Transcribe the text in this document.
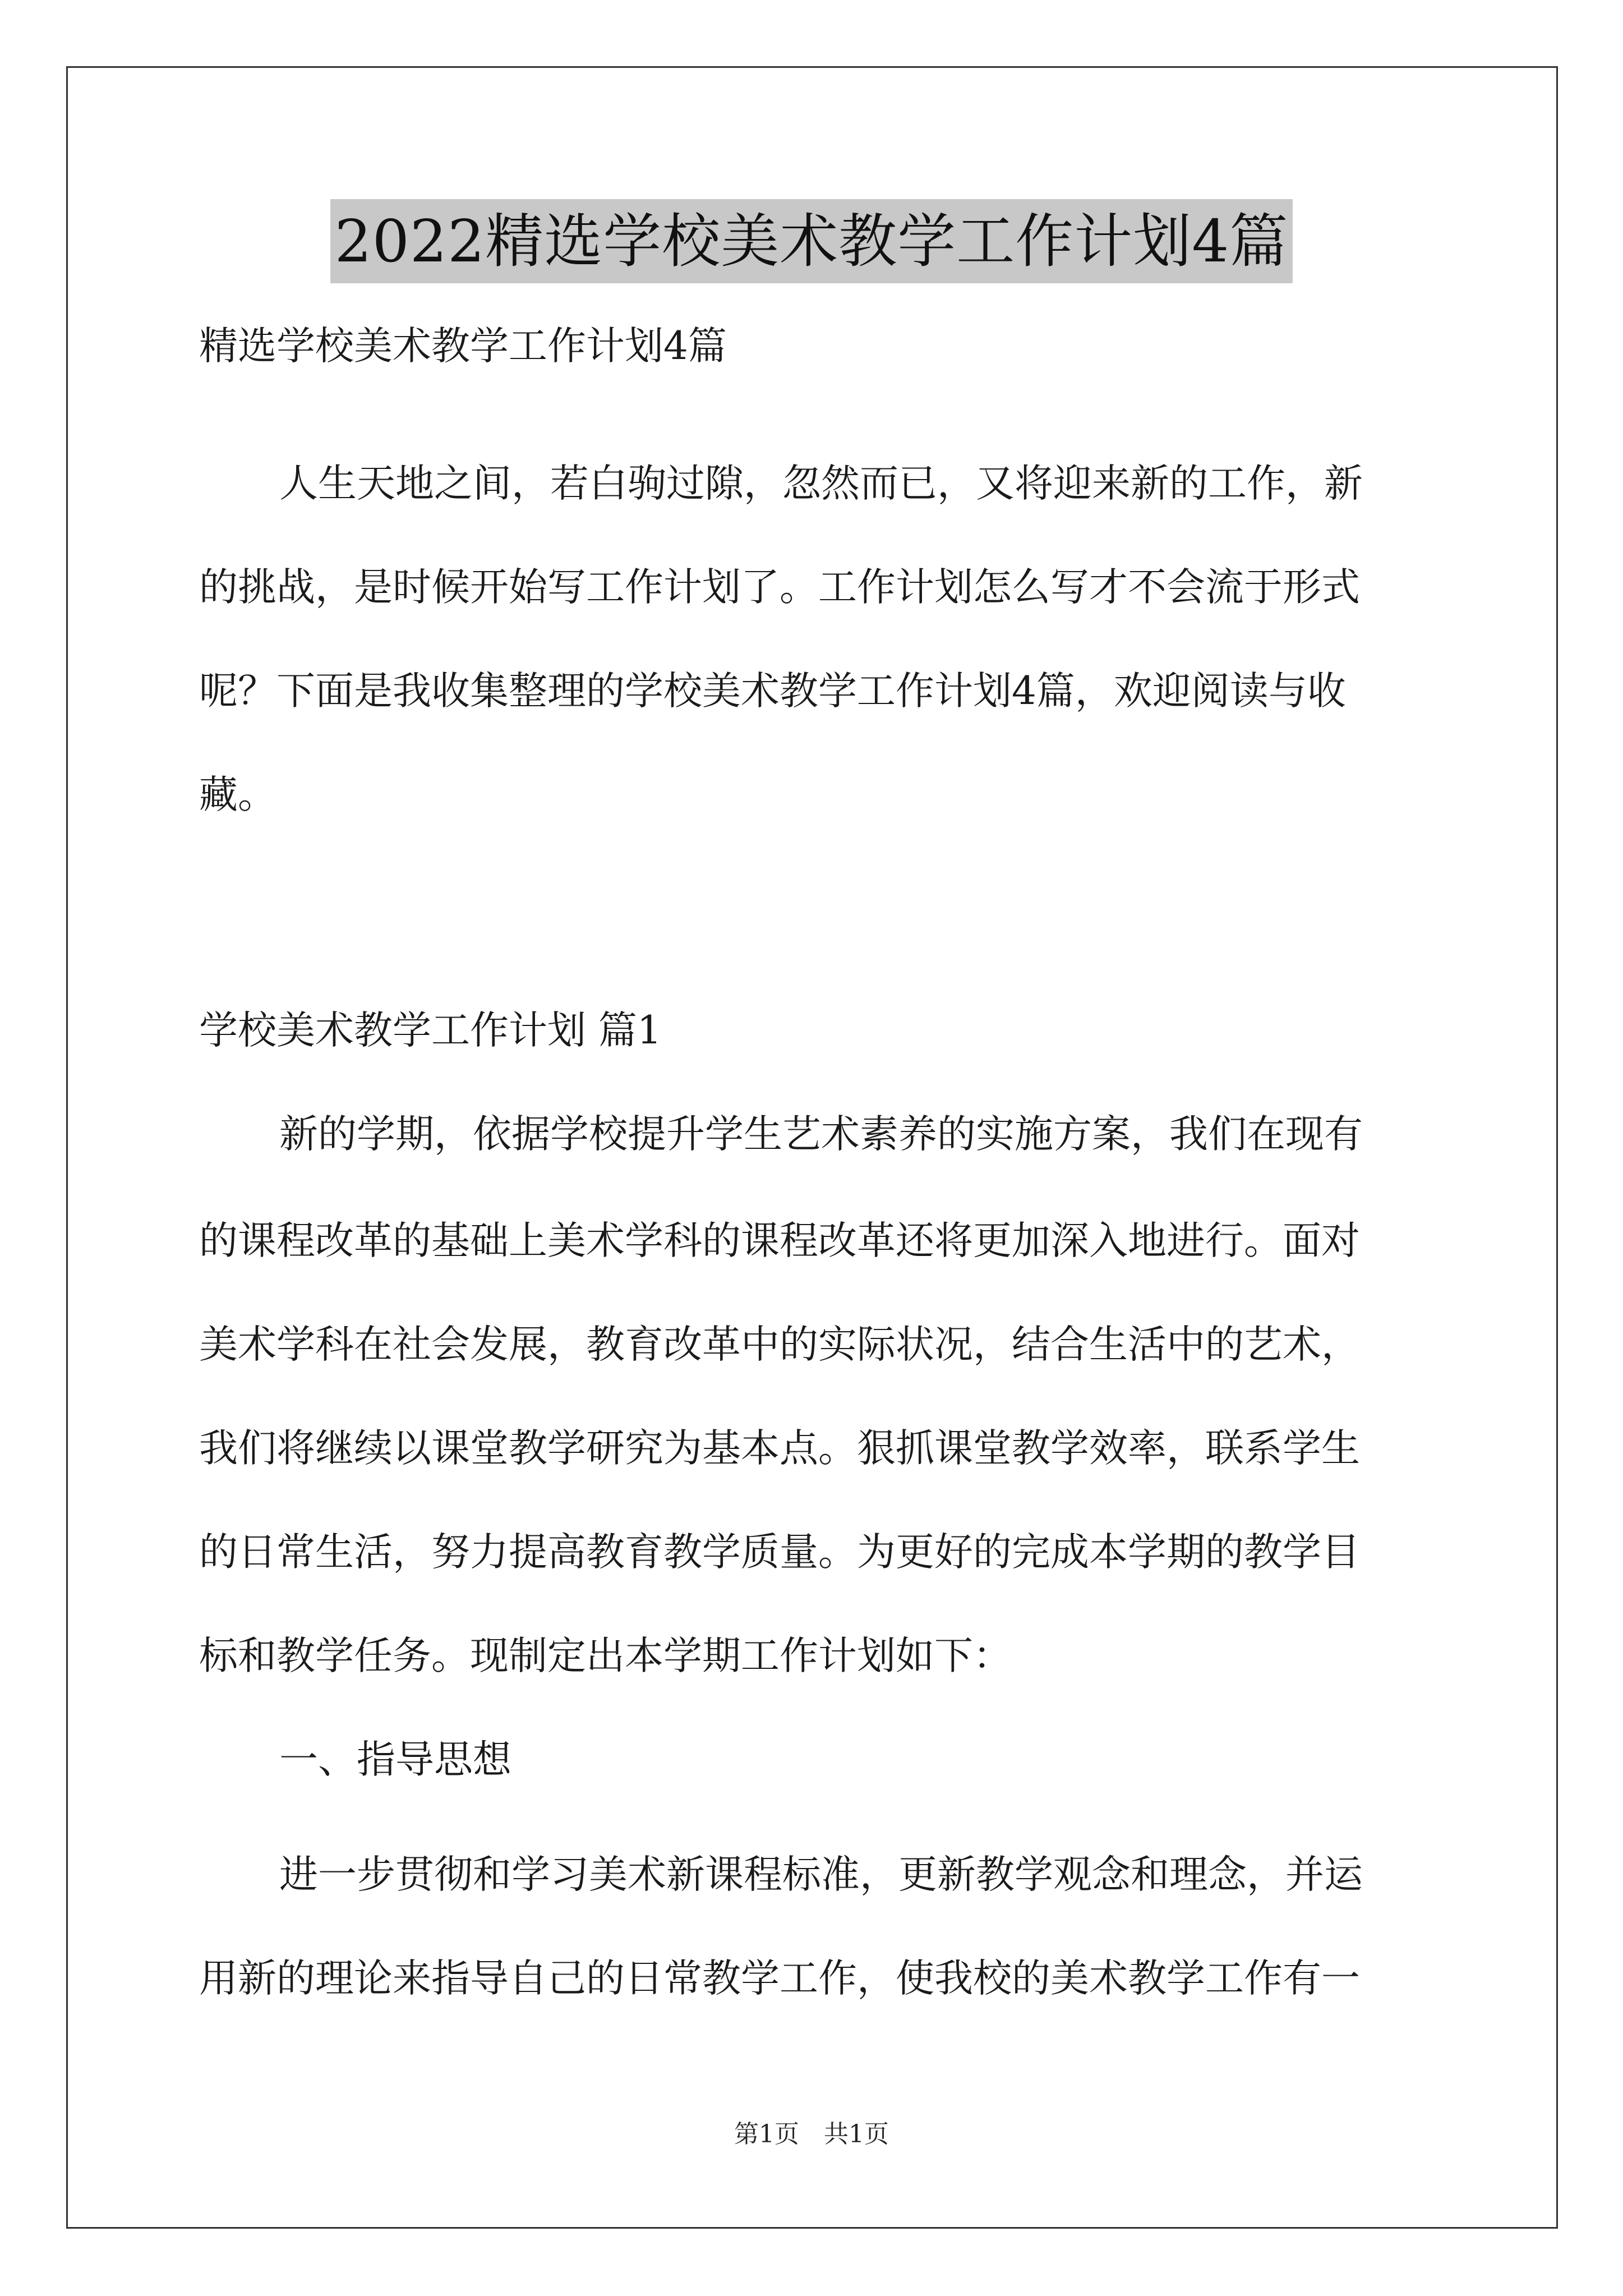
2022精选学校美术教学工作计划4篇
精选学校美术教学工作计划4篇
人生天地之间，若白驹过隙，忽然而已，又将迎来新的工作，新
的挑战，是时候开始写工作计划了。工作计划怎么写才不会流于形式
呢？下面是我收集整理的学校美术教学工作计划4篇，欢迎阅读与收
藏。
学校美术教学工作计划 篇1
新的学期，依据学校提升学生艺术素养的实施方案，我们在现有
的课程改革的基础上美术学科的课程改革还将更加深入地进行。面对
美术学科在社会发展，教育改革中的实际状况，结合生活中的艺术，
我们将继续以课堂教学研究为基本点。狠抓课堂教学效率，联系学生
的日常生活，努力提高教育教学质量。为更好的完成本学期的教学目
标和教学任务。现制定出本学期工作计划如下：
一、指导思想
进一步贯彻和学习美术新课程标准，更新教学观念和理念，并运
用新的理论来指导自己的日常教学工作，使我校的美术教学工作有一
第1页　共1页
